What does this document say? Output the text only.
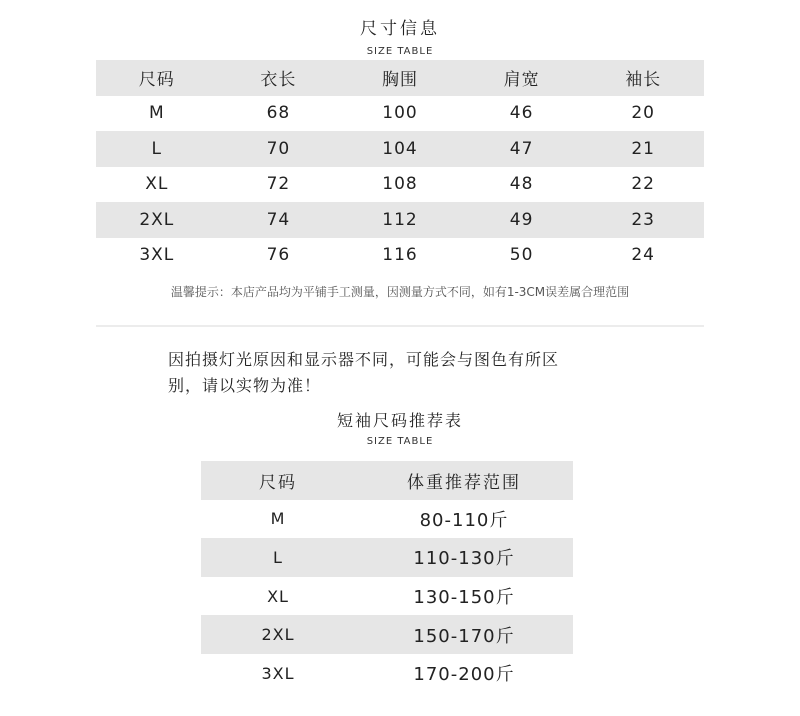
尺寸信息
SIZE TABLE
尺码	衣长	胸围	肩宽	袖长
M	68	100	46	20
L	70	104	47	21
XL	72	108	48	22
2XL	74	112	49	23
3XL	76	116	50	24
温馨提示：本店产品均为平铺手工测量，因测量方式不同，如有1-3CM误差属合理范围
因拍摄灯光原因和显示器不同，可能会与图色有所区
别，请以实物为准！
短袖尺码推荐表
SIZE TABLE
尺码	体重推荐范围
M	80-110斤
L	110-130斤
XL	130-150斤
2XL	150-170斤
3XL	170-200斤
